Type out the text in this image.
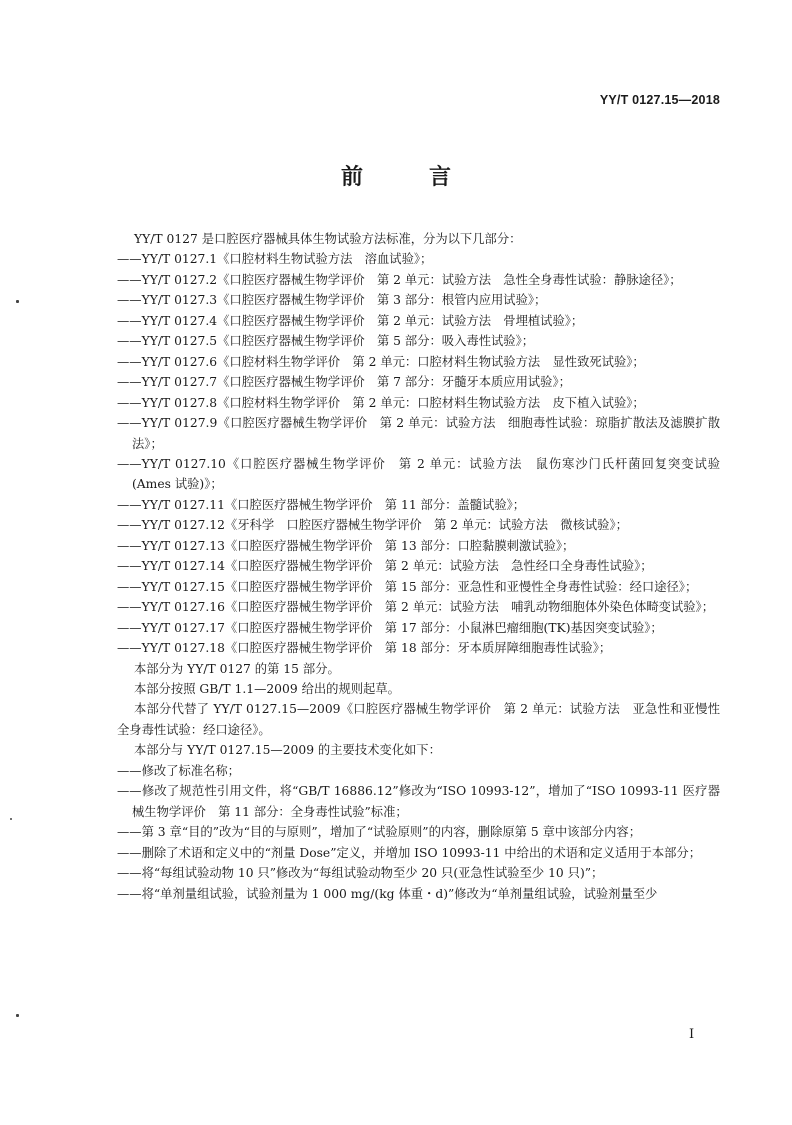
YY/T 0127.15—2018
前　言
YY/T 0127 是口腔医疗器械具体生物试验方法标准，分为以下几部分：
——YY/T 0127.1《口腔材料生物试验方法　溶血试验》；
——YY/T 0127.2《口腔医疗器械生物学评价　第 2 单元：试验方法　急性全身毒性试验：静脉途径》；
——YY/T 0127.3《口腔医疗器械生物学评价　第 3 部分：根管内应用试验》；
——YY/T 0127.4《口腔医疗器械生物学评价　第 2 单元：试验方法　骨埋植试验》；
——YY/T 0127.5《口腔医疗器械生物学评价　第 5 部分：吸入毒性试验》；
——YY/T 0127.6《口腔材料生物学评价　第 2 单元：口腔材料生物试验方法　显性致死试验》；
——YY/T 0127.7《口腔医疗器械生物学评价　第 7 部分：牙髓牙本质应用试验》；
——YY/T 0127.8《口腔材料生物学评价　第 2 单元：口腔材料生物试验方法　皮下植入试验》；
——YY/T 0127.9《口腔医疗器械生物学评价　第 2 单元：试验方法　细胞毒性试验：琼脂扩散法及滤膜扩散法》；
——YY/T 0127.10《口腔医疗器械生物学评价　第 2 单元：试验方法　鼠伤寒沙门氏杆菌回复突变试验(Ames 试验)》；
——YY/T 0127.11《口腔医疗器械生物学评价　第 11 部分：盖髓试验》；
——YY/T 0127.12《牙科学　口腔医疗器械生物学评价　第 2 单元：试验方法　微核试验》；
——YY/T 0127.13《口腔医疗器械生物学评价　第 13 部分：口腔黏膜刺激试验》；
——YY/T 0127.14《口腔医疗器械生物学评价　第 2 单元：试验方法　急性经口全身毒性试验》；
——YY/T 0127.15《口腔医疗器械生物学评价　第 15 部分：亚急性和亚慢性全身毒性试验：经口途径》；
——YY/T 0127.16《口腔医疗器械生物学评价　第 2 单元：试验方法　哺乳动物细胞体外染色体畸变试验》；
——YY/T 0127.17《口腔医疗器械生物学评价　第 17 部分：小鼠淋巴瘤细胞(TK)基因突变试验》；
——YY/T 0127.18《口腔医疗器械生物学评价　第 18 部分：牙本质屏障细胞毒性试验》；
本部分为 YY/T 0127 的第 15 部分。
本部分按照 GB/T 1.1—2009 给出的规则起草。
本部分代替了 YY/T 0127.15—2009《口腔医疗器械生物学评价　第 2 单元：试验方法　亚急性和亚慢性全身毒性试验：经口途径》。
本部分与 YY/T 0127.15—2009 的主要技术变化如下：
——修改了标准名称；
——修改了规范性引用文件，将“GB/T 16886.12”修改为“ISO 10993-12”，增加了“ISO 10993-11 医疗器械生物学评价　第 11 部分：全身毒性试验”标准；
——第 3 章“目的”改为“目的与原则”，增加了“试验原则”的内容，删除原第 5 章中该部分内容；
——删除了术语和定义中的“剂量 Dose”定义，并增加 ISO 10993-11 中给出的术语和定义适用于本部分；
——将“每组试验动物 10 只”修改为“每组试验动物至少 20 只(亚急性试验至少 10 只)”；
——将“单剂量组试验，试验剂量为 1 000 mg/(kg 体重・d)”修改为“单剂量组试验，试验剂量至少
I
